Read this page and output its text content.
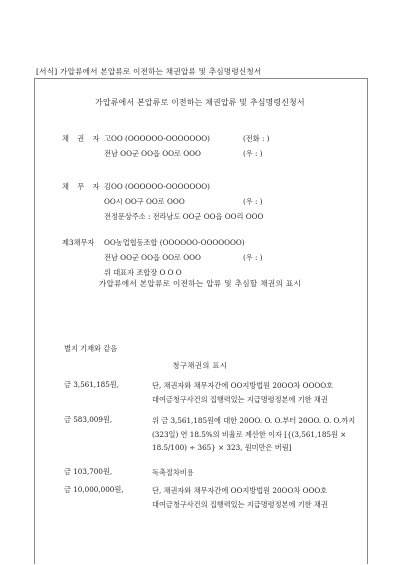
[서식] 가압류에서 본압류로 이전하는 채권압류 및 추심명령신청서
가압류에서 본압류로 이전하는 채권압류 및 추심명령신청서
채 권 자 고OO (OOOOOO-OOOOOOO)	(전화 : )
전남 OO군 OO읍 OO로 OOO	(우 : )
채 무 자 김OO (OOOOOO-OOOOOOO)
OO시 OO구 OO로 OOO	(우 : )
전정문상주소 : 전라남도 OO군 OO읍 OO리 OOO
제3채무자 OO농업협동조합 (OOOOOO-OOOOOOO)
전남 OO군 OO읍 OO로 OOO	(우 : )
위 대표자 조합장 O O O
가압류에서 본압류로 이전하는 압류 및 추심할 채권의 표시
별지 기재와 같음
청구채권의 표시
금 3,561,185원,	단, 채권자와 채무자간에 OO지방법원 20OO차 OOOO호 대여금청구사건의 집행력있는 지급명령정본에 기한 채권
금 583,009원,	위 금 3,561,185원에 대한 20OO. O. O.부터 20OO. O. O.까지(323일) 연 18.5%의 비율로 계산한 이자 [{(3,561,185원 × 18.5/100) ÷ 365} × 323, 원미만은 버림]
금 103,700원,	독촉절차비용
금 10,000,000원,	단, 채권자와 채무자간에 OO지방법원 20OO차 OOO호 대여금청구사건의 집행력있는 지급명령정본에 기한 채권
